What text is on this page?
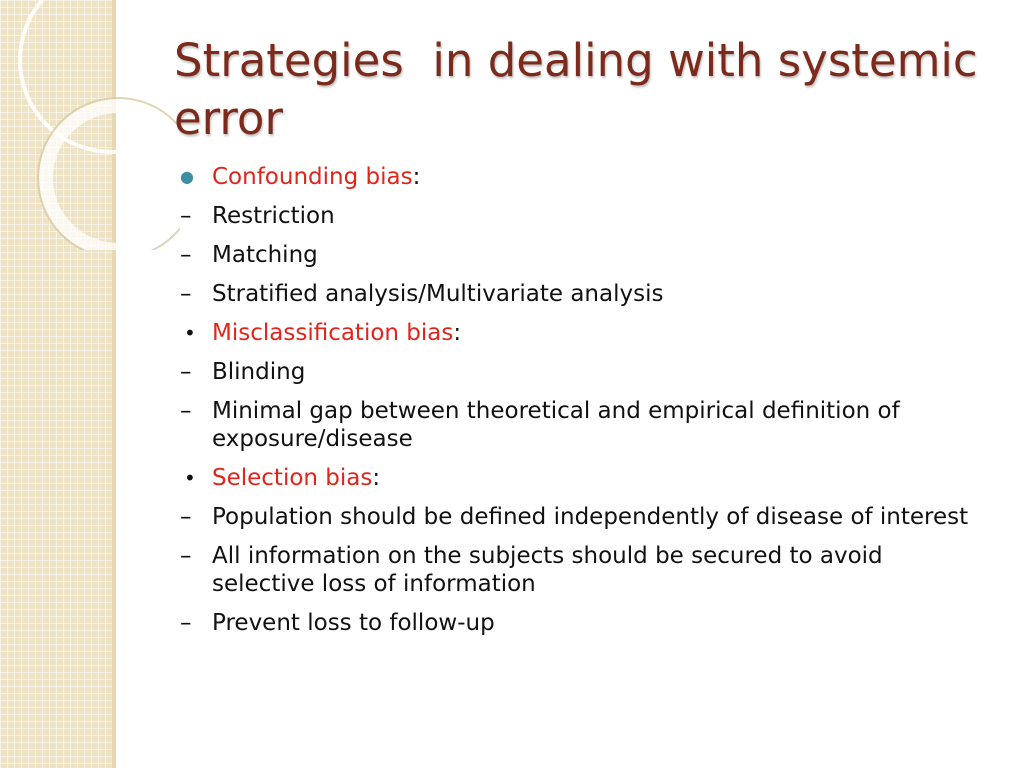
Strategies  in dealing with systemic error
● Confounding bias:
– Restriction
– Matching
– Stratified analysis/Multivariate analysis
• Misclassification bias:
– Blinding
– Minimal gap between theoretical and empirical definition of exposure/disease
• Selection bias:
– Population should be defined independently of disease of interest
– All information on the subjects should be secured to avoid selective loss of information
– Prevent loss to follow-up
